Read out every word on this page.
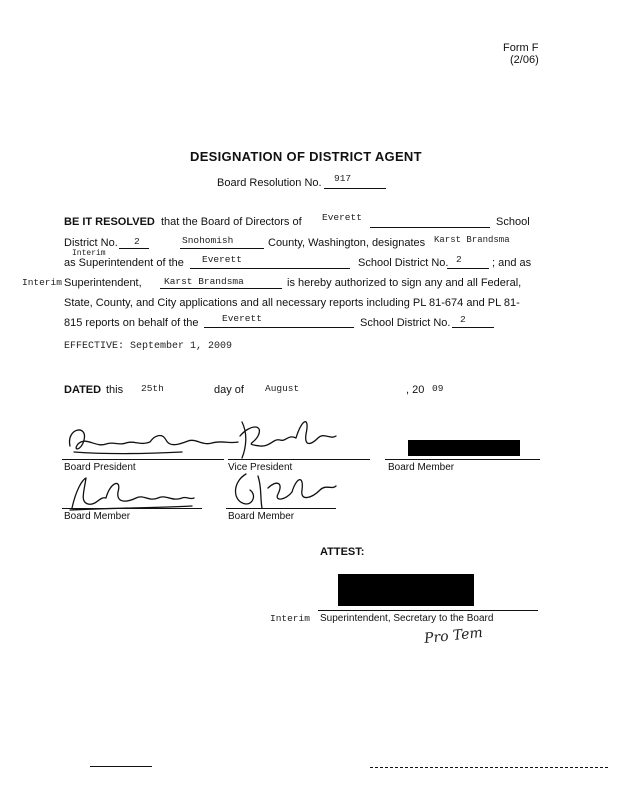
Form F
(2/06)
DESIGNATION OF DISTRICT AGENT
Board Resolution No. 917
BE IT RESOLVED that the Board of Directors of Everett	School
District No. 2	Snohomish	County, Washington, designates Karst Brandsma
Interim
as Superintendent of the Everett	School District No. 2	; and as
Interim Superintendent, Karst Brandsma	is hereby authorized to sign any and all Federal,
State, County, and City applications and all necessary reports including PL 81-674 and PL 81-
815 reports on behalf of the Everett	School District No. 2
EFFECTIVE: September 1, 2009
DATED this 25th	day of August	, 20 09
Board President	Vice President	Board Member
Board Member	Board Member
ATTEST:
Interim Superintendent, Secretary to the Board
Pro Tem
